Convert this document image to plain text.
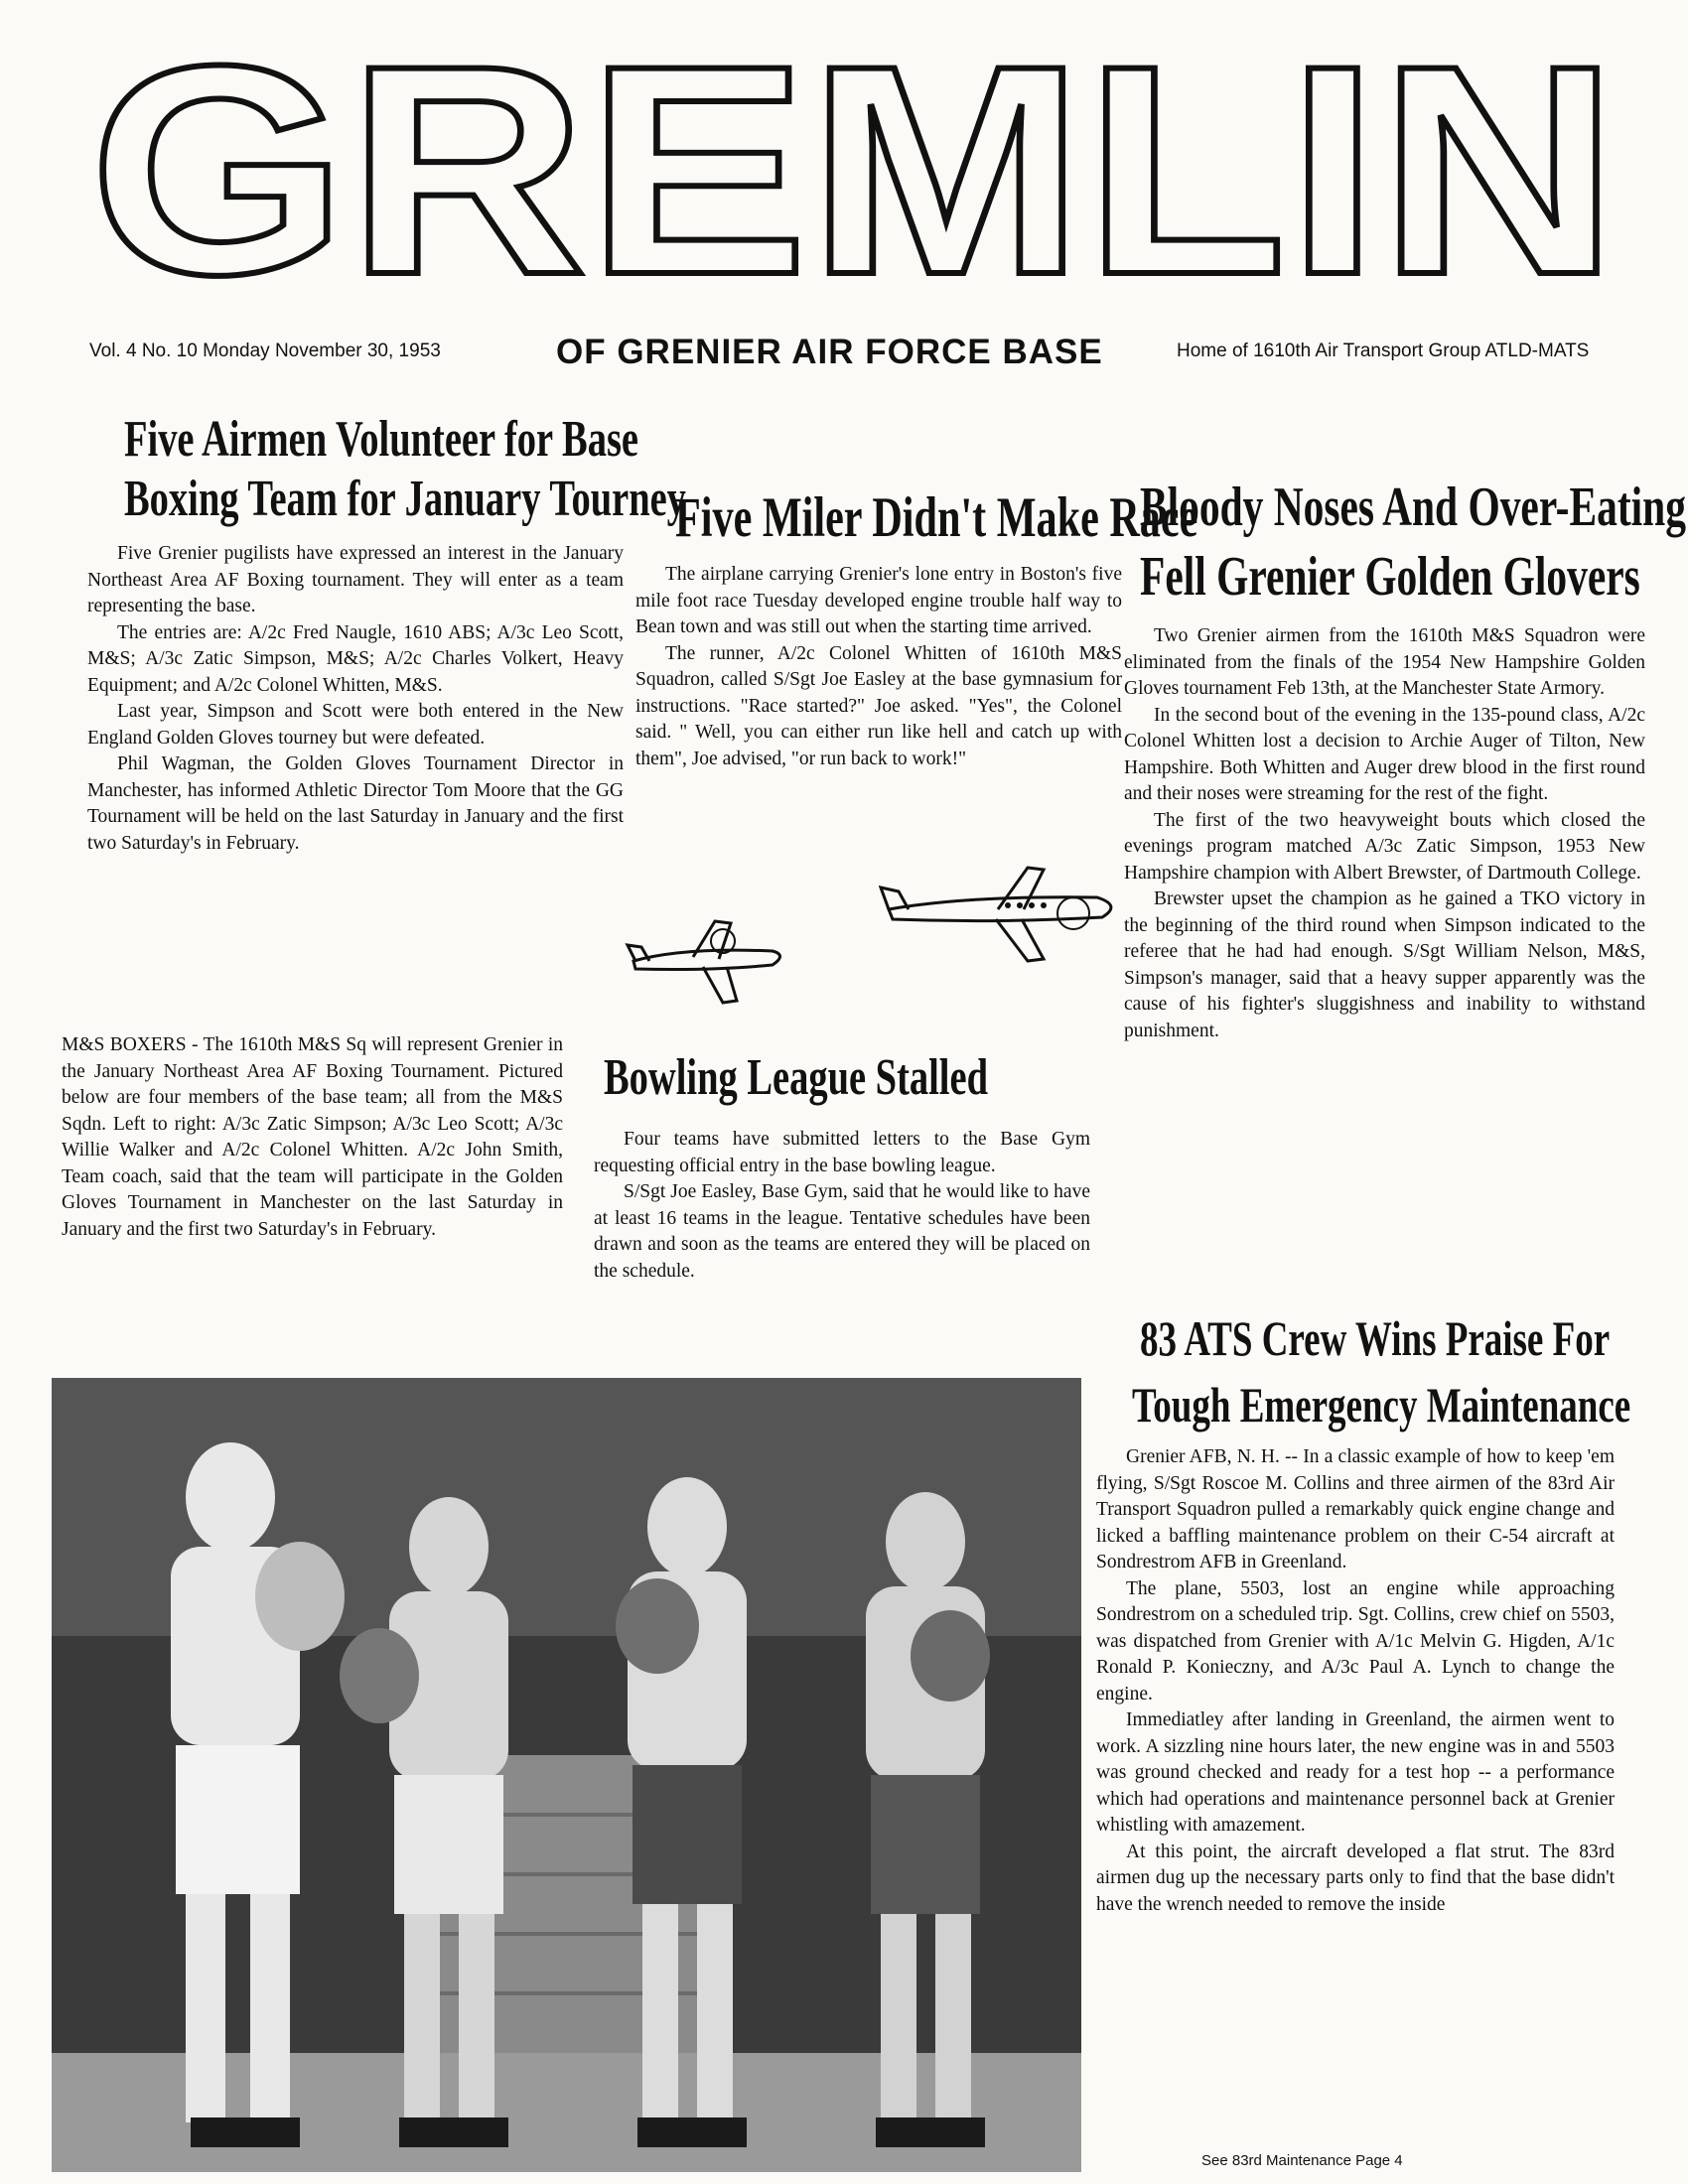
GREMLIN
Vol. 4 No. 10 Monday November 30, 1953	OF GRENIER AIR FORCE BASE	Home of 1610th Air Transport Group ATLD-MATS
Five Airmen Volunteer for Base
Boxing Team for January Tourney

Five Grenier pugilists have expressed an interest in the January Northeast Area AF Boxing tournament. They will enter as a team representing the base.

The entries are: A/2c Fred Naugle, 1610 ABS; A/3c Leo Scott, M&S; A/3c Zatic Simpson, M&S; A/2c Charles Volkert, Heavy Equipment; and A/2c Colonel Whitten, M&S.

Last year, Simpson and Scott were both entered in the New England Golden Gloves tourney but were defeated.

Phil Wagman, the Golden Gloves Tournament Director in Manchester, has informed Athletic Director Tom Moore that the GG Tournament will be held on the last Saturday in January and the first two Saturday's in February.

Five Miler Didn't Make Race

The airplane carrying Grenier's lone entry in Boston's five mile foot race Tuesday developed engine trouble half way to Bean town and was still out when the starting time arrived.

The runner, A/2c Colonel Whitten of 1610th M&S Squadron, called S/Sgt Joe Easley at the base gymnasium for instructions. "Race started?" Joe asked. "Yes", the Colonel said. " Well, you can either run like hell and catch up with them", Joe advised, "or run back to work!"

Bloody Noses And Over-Eating
Fell Grenier Golden Glovers

Two Grenier airmen from the 1610th M&S Squadron were eliminated from the finals of the 1954 New Hampshire Golden Gloves tournament Feb 13th, at the Manchester State Armory.

In the second bout of the evening in the 135-pound class, A/2c Colonel Whitten lost a decision to Archie Auger of Tilton, New Hampshire. Both Whitten and Auger drew blood in the first round and their noses were streaming for the rest of the fight.

The first of the two heavyweight bouts which closed the evenings program matched A/3c Zatic Simpson, 1953 New Hampshire champion with Albert Brewster, of Dartmouth College.

Brewster upset the champion as he gained a TKO victory in the beginning of the third round when Simpson indicated to the referee that he had had enough. S/Sgt William Nelson, M&S, Simpson's manager, said that a heavy supper apparently was the cause of his fighter's sluggishness and inability to withstand punishment.

M&S BOXERS - The 1610th M&S Sq will represent Grenier in the January Northeast Area AF Boxing Tournament. Pictured below are four members of the base team; all from the M&S Sqdn. Left to right: A/3c Zatic Simpson; A/3c Leo Scott; A/3c Willie Walker and A/2c Colonel Whitten. A/2c John Smith, Team coach, said that the team will participate in the Golden Gloves Tournament in Manchester on the last Saturday in January and the first two Saturday's in February.

Bowling League Stalled

Four teams have submitted letters to the Base Gym requesting official entry in the base bowling league.

S/Sgt Joe Easley, Base Gym, said that he would like to have at least 16 teams in the league. Tentative schedules have been drawn and soon as the teams are entered they will be placed on the schedule.

83 ATS Crew Wins Praise For
Tough Emergency Maintenance

Grenier AFB, N. H. -- In a classic example of how to keep 'em flying, S/Sgt Roscoe M. Collins and three airmen of the 83rd Air Transport Squadron pulled a remarkably quick engine change and licked a baffling maintenance problem on their C-54 aircraft at Sondrestrom AFB in Greenland.

The plane, 5503, lost an engine while approaching Sondrestrom on a scheduled trip. Sgt. Collins, crew chief on 5503, was dispatched from Grenier with A/1c Melvin G. Higden, A/1c Ronald P. Konieczny, and A/3c Paul A. Lynch to change the engine.

Immediatley after landing in Greenland, the airmen went to work. A sizzling nine hours later, the new engine was in and 5503 was ground checked and ready for a test hop -- a performance which had operations and maintenance personnel back at Grenier whistling with amazement.

At this point, the aircraft developed a flat strut. The 83rd airmen dug up the necessary parts only to find that the base didn't have the wrench needed to remove the inside

See 83rd Maintenance Page 4
